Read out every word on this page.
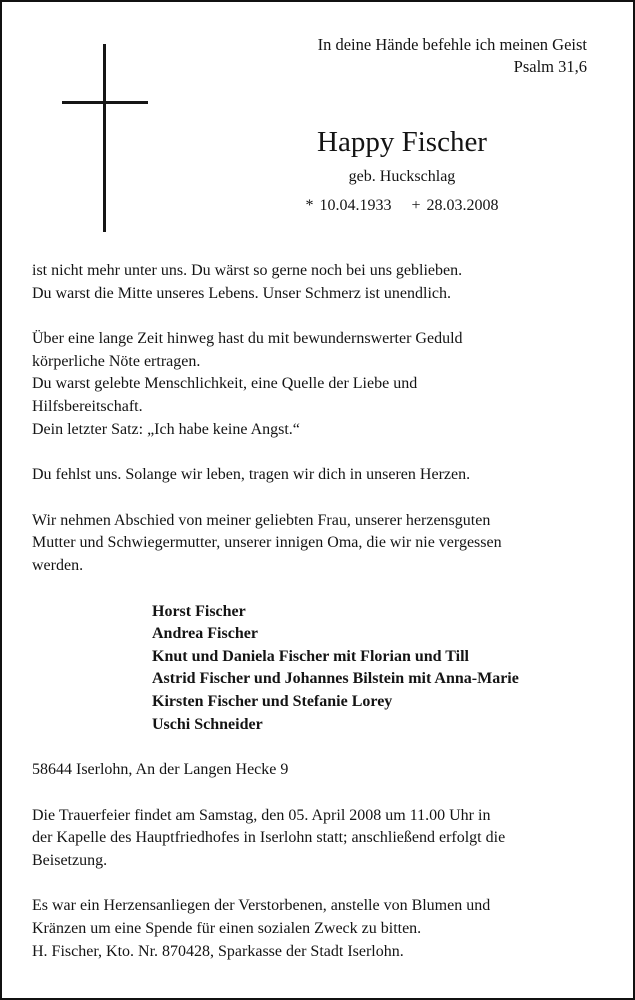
In deine Hände befehle ich meinen Geist
Psalm 31,6
Happy Fischer
geb. Huckschlag
* 10.04.1933 + 28.03.2008

ist nicht mehr unter uns. Du wärst so gerne noch bei uns geblieben.
Du warst die Mitte unseres Lebens. Unser Schmerz ist unendlich.

Über eine lange Zeit hinweg hast du mit bewundernswerter Geduld
körperliche Nöte ertragen.
Du warst gelebte Menschlichkeit, eine Quelle der Liebe und
Hilfsbereitschaft.
Dein letzter Satz: „Ich habe keine Angst.“

Du fehlst uns. Solange wir leben, tragen wir dich in unseren Herzen.

Wir nehmen Abschied von meiner geliebten Frau, unserer herzensguten
Mutter und Schwiegermutter, unserer innigen Oma, die wir nie vergessen
werden.

Horst Fischer
Andrea Fischer
Knut und Daniela Fischer mit Florian und Till
Astrid Fischer und Johannes Bilstein mit Anna-Marie
Kirsten Fischer und Stefanie Lorey
Uschi Schneider

58644 Iserlohn, An der Langen Hecke 9

Die Trauerfeier findet am Samstag, den 05. April 2008 um 11.00 Uhr in
der Kapelle des Hauptfriedhofes in Iserlohn statt; anschließend erfolgt die
Beisetzung.

Es war ein Herzensanliegen der Verstorbenen, anstelle von Blumen und
Kränzen um eine Spende für einen sozialen Zweck zu bitten.
H. Fischer, Kto. Nr. 870428, Sparkasse der Stadt Iserlohn.
